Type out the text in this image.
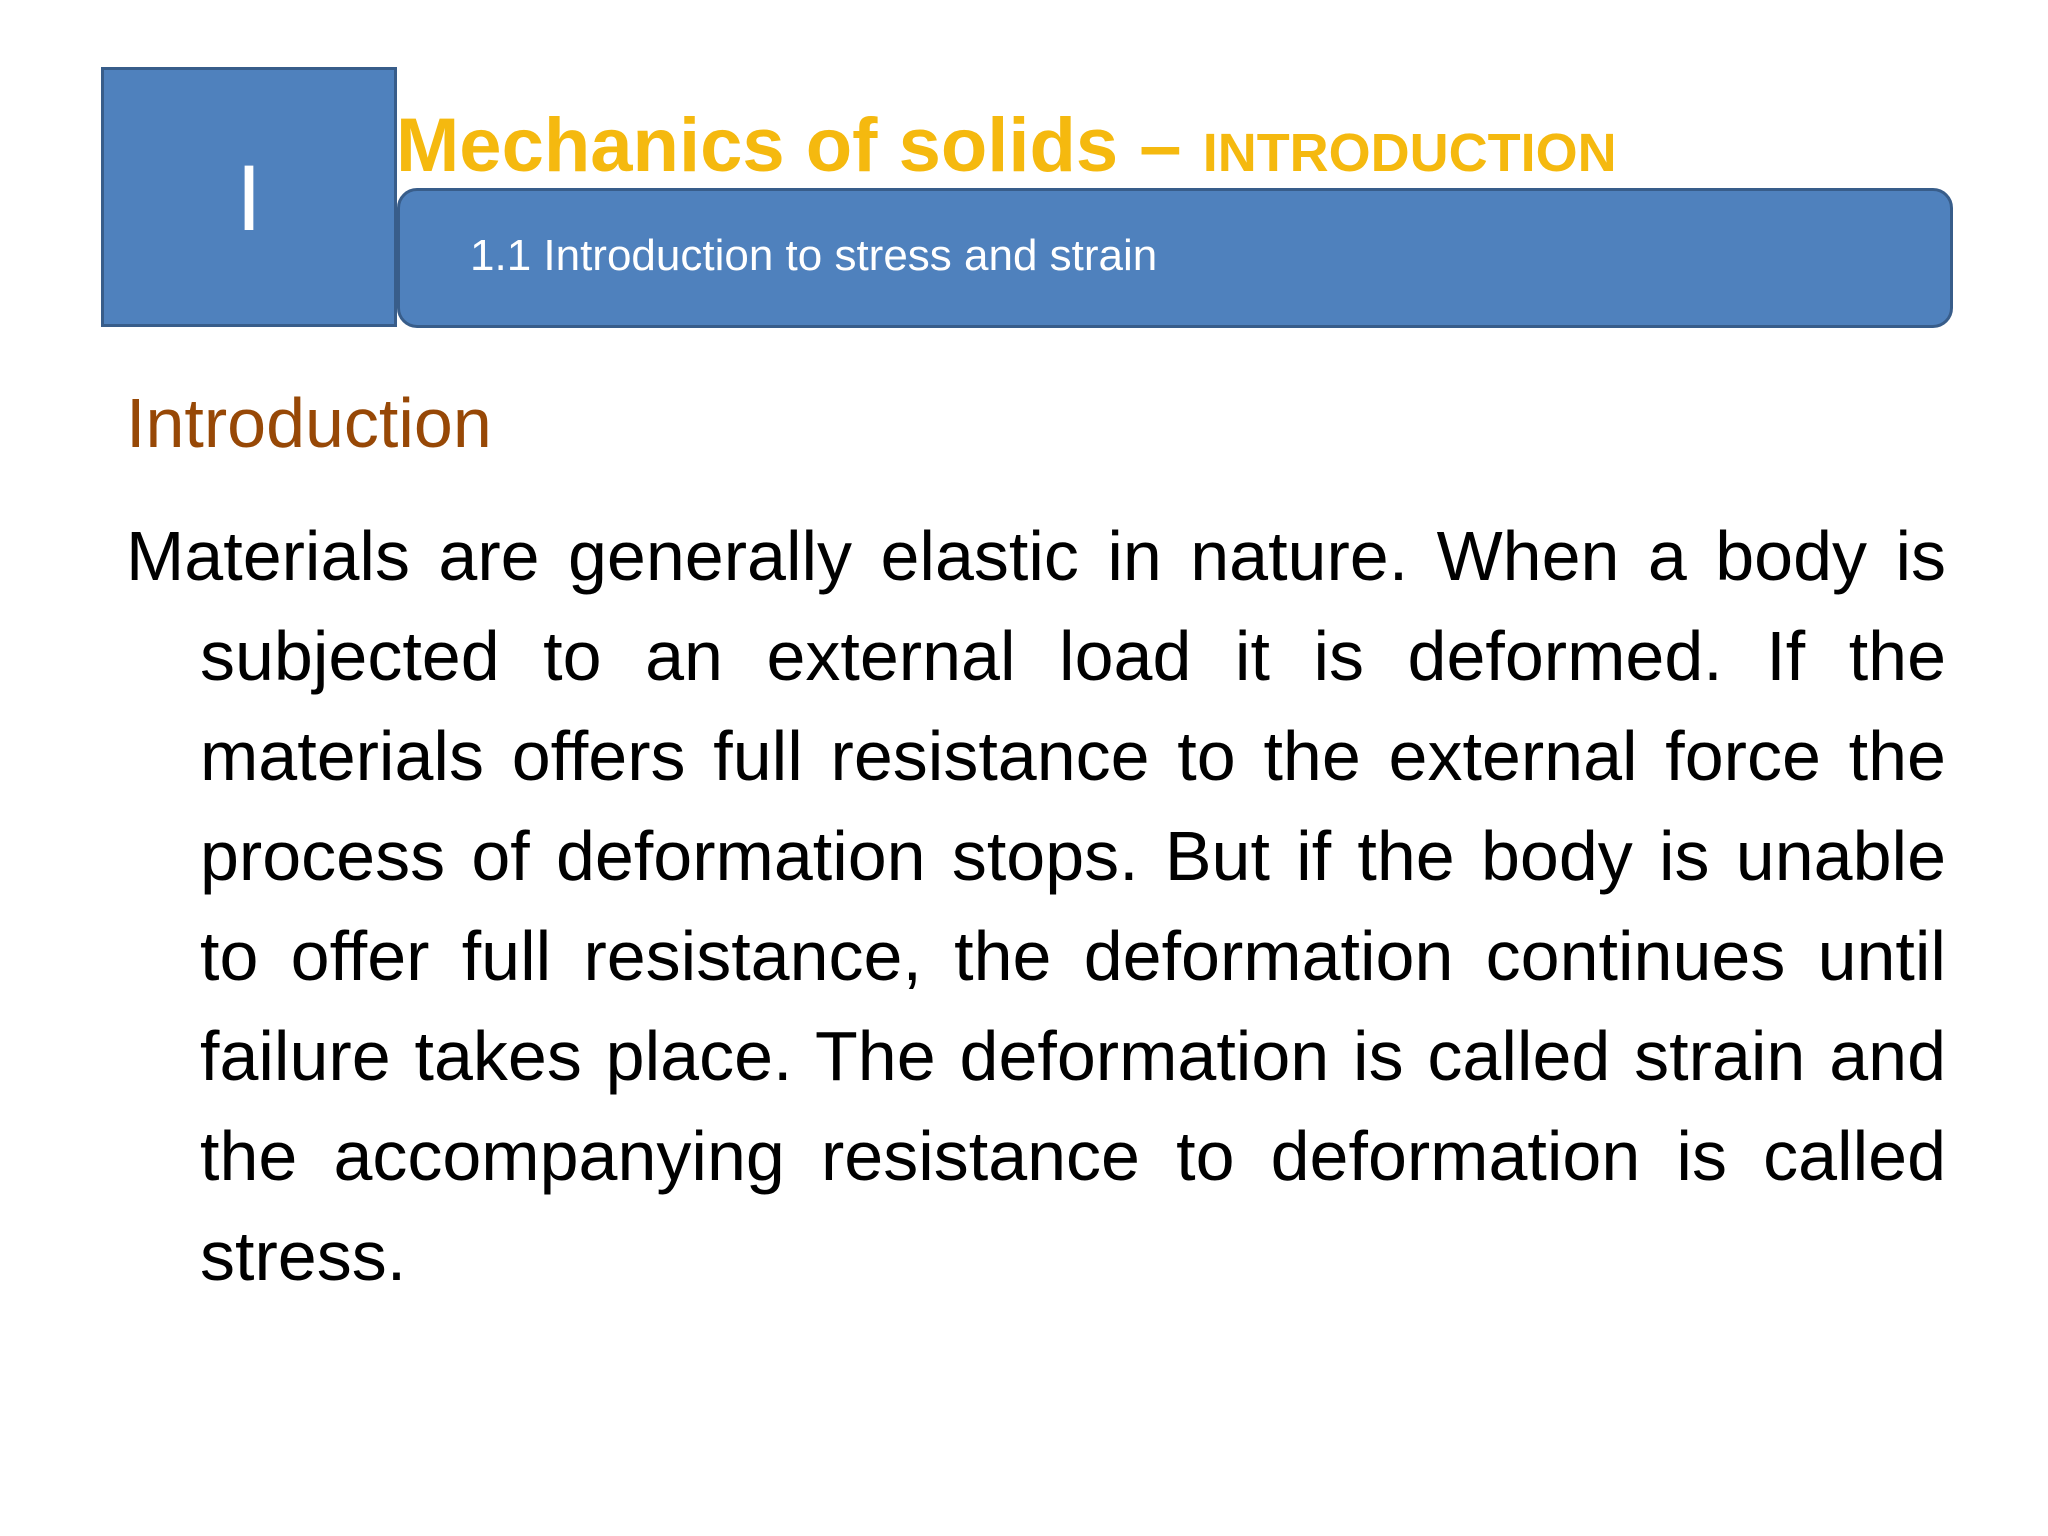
I
Mechanics of solids – INTRODUCTION
1.1 Introduction to stress and strain
Introduction
Materials are generally elastic in nature. When a body is subjected to an external load it is deformed. If the materials offers full resistance to the external force the process of deformation stops. But if the body is unable to offer full resistance, the deformation continues until failure takes place. The deformation is called strain and the accompanying resistance to deformation is called stress.
